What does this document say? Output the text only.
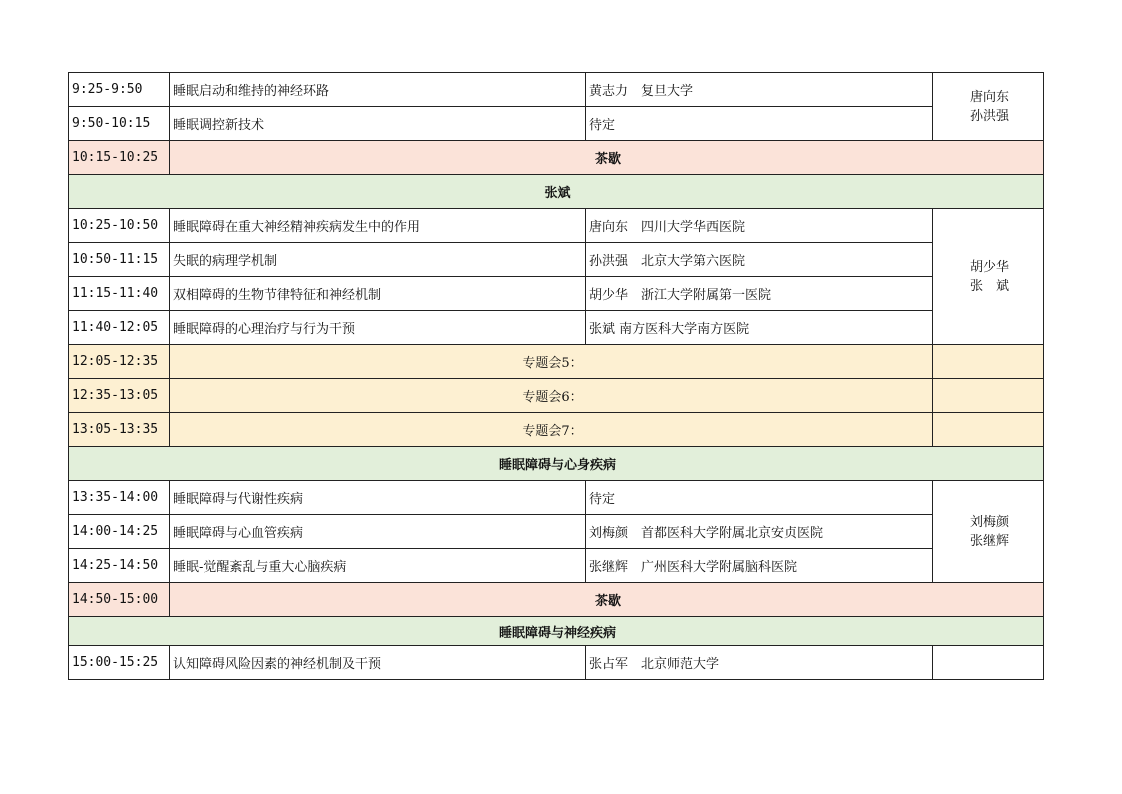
9:25-9:50	睡眠启动和维持的神经环路	黄志力　复旦大学	唐向东
孙洪强

9:50-10:15	睡眠调控新技术	待定	
10:15-10:25	茶歇		
张斌			
10:25-10:50	睡眠障碍在重大神经精神疾病发生中的作用	唐向东　四川大学华西医院	胡少华
张　斌

10:50-11:15	失眠的病理学机制	孙洪强　北京大学第六医院	
11:15-11:40	双相障碍的生物节律特征和神经机制	胡少华　浙江大学附属第一医院	
11:40-12:05	睡眠障碍的心理治疗与行为干预	张斌 南方医科大学南方医院	
12:05-12:35	专题会5：		
12:35-13:05	专题会6：		
13:05-13:35	专题会7：		
睡眠障碍与心身疾病			
13:35-14:00	睡眠障碍与代谢性疾病	待定	刘梅颜
张继辉

14:00-14:25	睡眠障碍与心血管疾病	刘梅颜　首都医科大学附属北京安贞医院	
14:25-14:50	睡眠-觉醒紊乱与重大心脑疾病	张继辉　广州医科大学附属脑科医院	
14:50-15:00	茶歇		
睡眠障碍与神经疾病			
15:00-15:25	认知障碍风险因素的神经机制及干预	张占军　北京师范大学	
